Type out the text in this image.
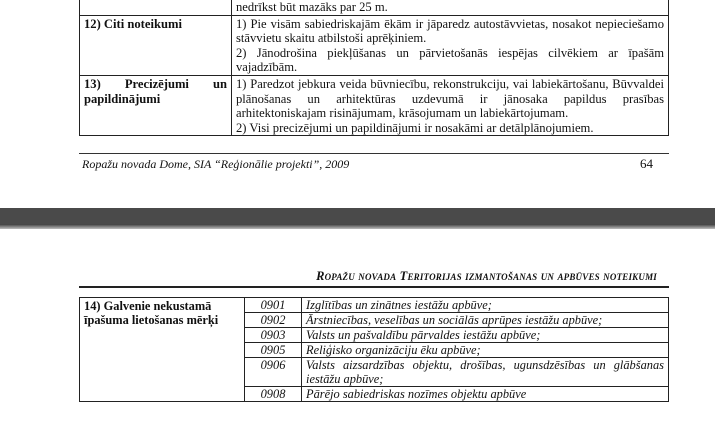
	nedrīkst būt mazāks par 25 m.

12) Citi noteikumi	1) Pie visām sabiedriskajām ēkām ir jāparedz autostāvvietas, nosakot nepieciešamo stāvvietu skaitu atbilstoši aprēķiniem.
2) Jānodrošina piekļūšanas un pārvietošanās iespējas cilvēkiem ar īpašām vajadzībām.

13) Precizējumi un papildinājumi	1) Paredzot jebkura veida būvniecību, rekonstrukciju, vai labiekārtošanu, Būvvaldei plānošanas un arhitektūras uzdevumā ir jānosaka papildus prasības arhitektoniskajam risinājumam, krāsojumam un labiekārtojumam.
2) Visi precizējumi un papildinājumi ir nosakāmi ar detālplānojumiem.
Ropažu novada Dome, SIA “Reģionālie projekti”, 2009	64
Ropažu novada Teritorijas izmantošanas un apbūves noteikumi
14) Galvenie nekustamā īpašuma lietošanas mērķi	0901	Izglītības un zinātnes iestāžu apbūve;
	0902	Ārstniecības, veselības un sociālās aprūpes iestāžu apbūve;
	0903	Valsts un pašvaldību pārvaldes iestāžu apbūve;
	0905	Reliģisko organizāciju ēku apbūve;
	0906	Valsts aizsardzības objektu, drošības, ugunsdzēsības un glābšanas iestāžu apbūve;
	0908	Pārējo sabiedriskas nozīmes objektu apbūve
